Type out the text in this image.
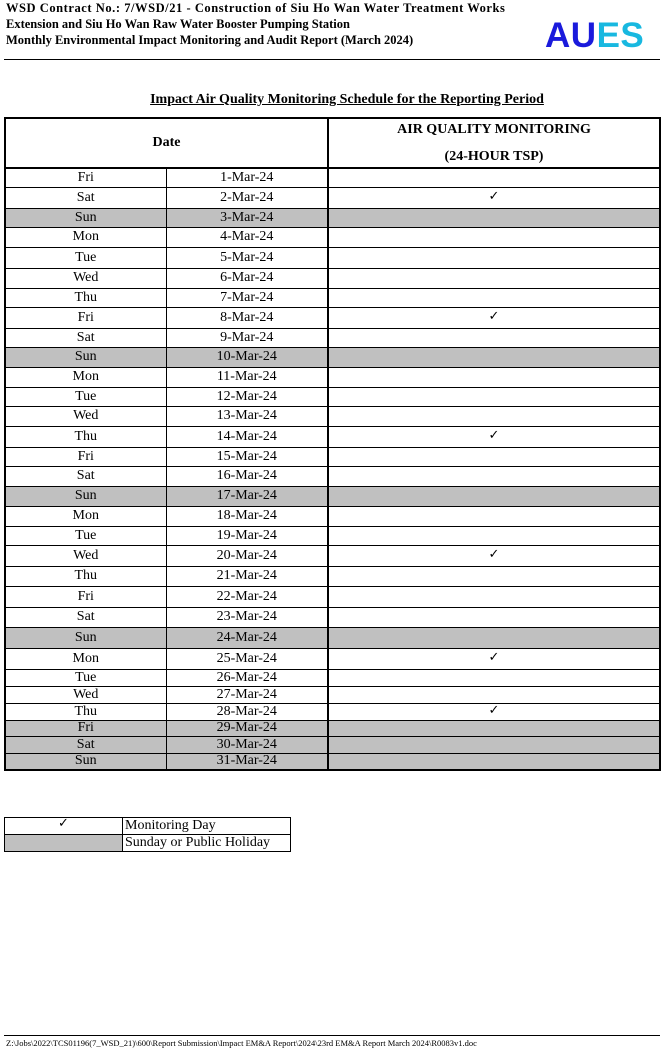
WSD Contract No.: 7/WSD/21 - Construction of Siu Ho Wan Water Treatment Works
Extension and Siu Ho Wan Raw Water Booster Pumping Station
Monthly Environmental Impact Monitoring and Audit Report (March 2024)	AUES
Impact Air Quality Monitoring Schedule for the Reporting Period
Date		AIR QUALITY MONITORING
(24-HOUR TSP)

Fri	1-Mar-24	
Sat	2-Mar-24	✓
Sun	3-Mar-24	
Mon	4-Mar-24	
Tue	5-Mar-24	
Wed	6-Mar-24	
Thu	7-Mar-24	
Fri	8-Mar-24	✓
Sat	9-Mar-24	
Sun	10-Mar-24	
Mon	11-Mar-24	
Tue	12-Mar-24	
Wed	13-Mar-24	
Thu	14-Mar-24	✓
Fri	15-Mar-24	
Sat	16-Mar-24	
Sun	17-Mar-24	
Mon	18-Mar-24	
Tue	19-Mar-24	
Wed	20-Mar-24	✓
Thu	21-Mar-24	
Fri	22-Mar-24	
Sat	23-Mar-24	
Sun	24-Mar-24	
Mon	25-Mar-24	✓
Tue	26-Mar-24	
Wed	27-Mar-24	
Thu	28-Mar-24	✓
Fri	29-Mar-24	
Sat	30-Mar-24	
Sun	31-Mar-24	
✓	Monitoring Day
	Sunday or Public Holiday
Z:\Jobs\2022\TCS01196(7_WSD_21)\600\Report Submission\Impact EM&A Report\2024\23rd EM&A Report March 2024\R0083v1.doc
